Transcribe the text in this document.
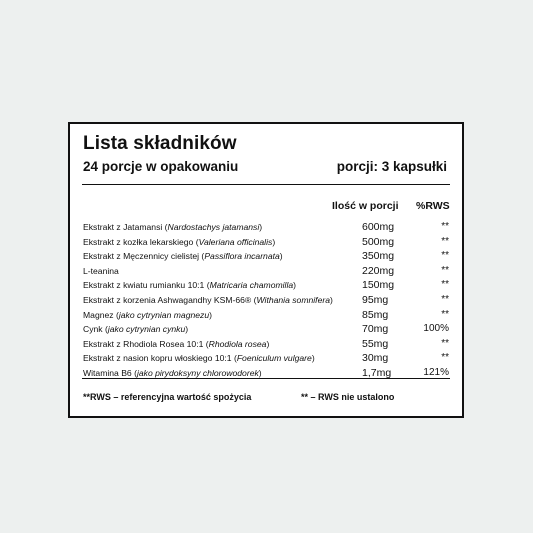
Lista składników
24 porcje w opakowaniu	porcji: 3 kapsułki
Ilość w porcji %RWS
Ekstrakt z Jatamansi (Nardostachys jatamansi)	600mg	**
Ekstrakt z kozłka lekarskiego (Valeriana officinalis)	500mg	**
Ekstrakt z Męczennicy cielistej (Passiflora incarnata)	350mg	**
L-teanina	220mg	**
Ekstrakt z kwiatu rumianku 10:1 (Matricaria chamomilla)	150mg	**
Ekstrakt z korzenia Ashwagandhy KSM-66® (Withania somnifera)	95mg	**
Magnez (jako cytrynian magnezu)	85mg	**
Cynk (jako cytrynian cynku)	70mg	100%
Ekstrakt z Rhodiola Rosea 10:1 (Rhodiola rosea)	55mg	**
Ekstrakt z nasion kopru włoskiego 10:1 (Foeniculum vulgare)	30mg	**
Witamina B6 (jako pirydoksyny chlorowodorek)	1,7mg	121%
**RWS – referencyjna wartość spożycia	** – RWS nie ustalono
